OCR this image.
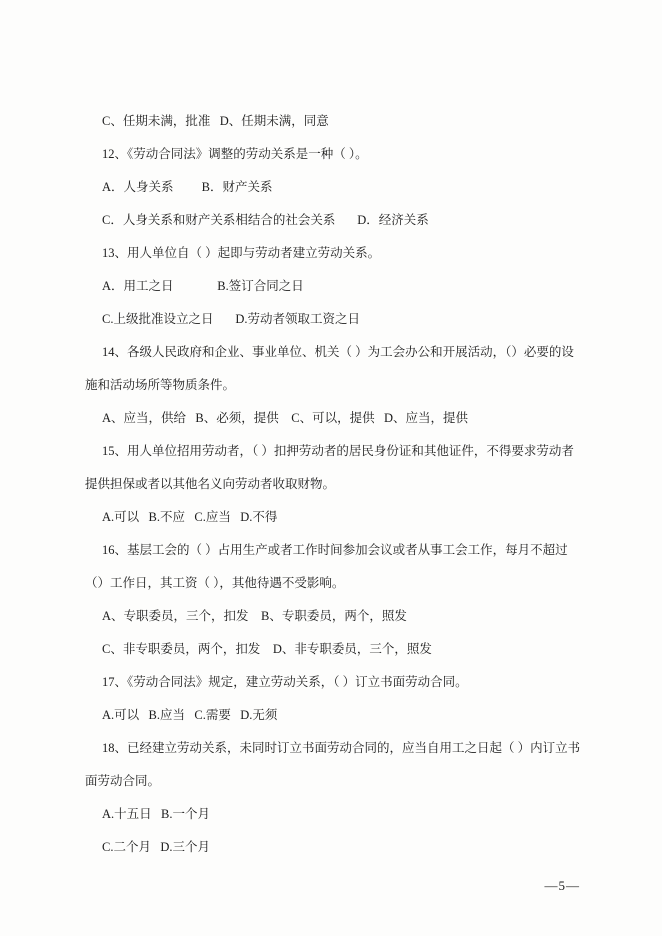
C、任期未满，批准   D、任期未满，同意

12、《劳动合同法》调整的劳动关系是一种（ ）。

A．人身关系         B．财产关系

C．人身关系和财产关系相结合的社会关系       D．经济关系

13、用人单位自（ ）起即与劳动者建立劳动关系。

A．用工之日              B.签订合同之日

C.上级批准设立之日       D.劳动者领取工资之日

14、各级人民政府和企业、事业单位、机关（ ）为工会办公和开展活动，（）必要的设施和活动场所等物质条件。

A、应当，供给   B、必须，提供    C、可以，提供   D、应当，提供

15、用人单位招用劳动者，（ ）扣押劳动者的居民身份证和其他证件，不得要求劳动者提供担保或者以其他名义向劳动者收取财物。

A.可以   B.不应   C.应当   D.不得

16、基层工会的（ ）占用生产或者工作时间参加会议或者从事工会工作，每月不超过（）工作日，其工资（ ），其他待遇不受影响。

A、专职委员，三个，扣发    B、专职委员，两个，照发

C、非专职委员，两个，扣发    D、非专职委员，三个，照发

17、《劳动合同法》规定，建立劳动关系，（ ）订立书面劳动合同。

A.可以   B.应当   C.需要   D.无须

18、已经建立劳动关系，未同时订立书面劳动合同的，应当自用工之日起（ ）内订立书面劳动合同。

A.十五日   B.一个月

C.二个月   D.三个月

—5—
